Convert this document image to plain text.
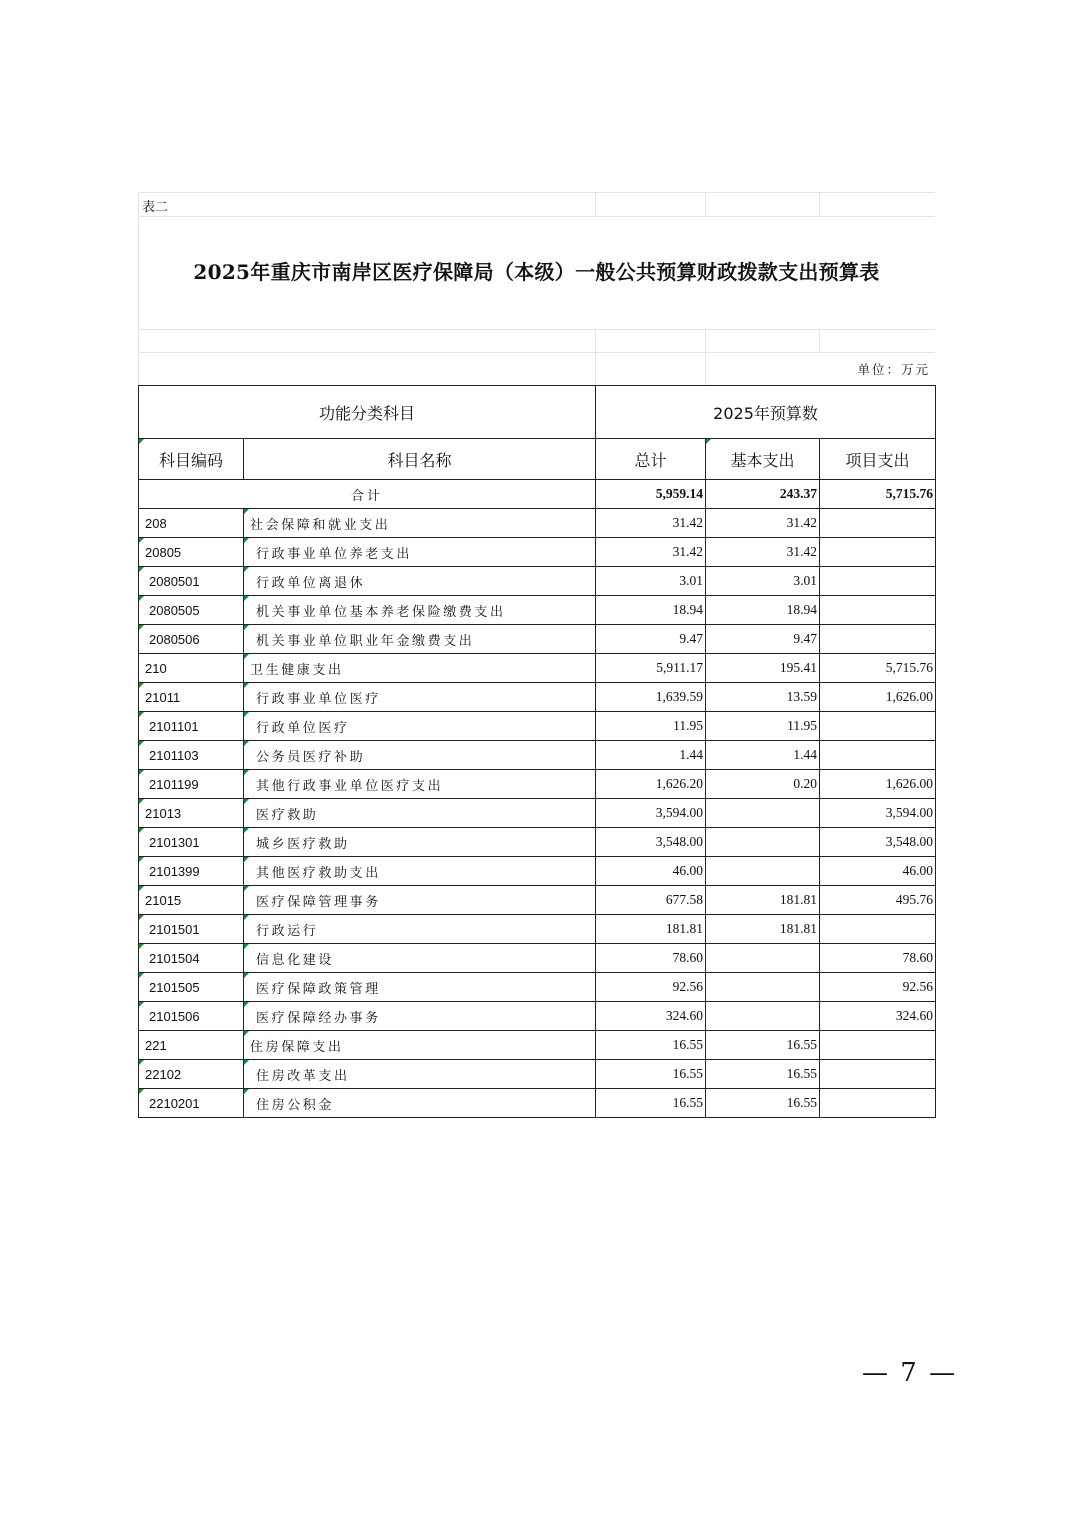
表二
2025年重庆市南岸区医疗保障局（本级）一般公共预算财政拨款支出预算表
单位：万元
功能分类科目		2025年预算数		
科目编码	科目名称	总计	基本支出	项目支出
合计		5,959.14	243.37	5,715.76
208	社会保障和就业支出	31.42	31.42	
20805	行政事业单位养老支出	31.42	31.42	
2080501	行政单位离退休	3.01	3.01	
2080505	机关事业单位基本养老保险缴费支出	18.94	18.94	
2080506	机关事业单位职业年金缴费支出	9.47	9.47	
210	卫生健康支出	5,911.17	195.41	5,715.76
21011	行政事业单位医疗	1,639.59	13.59	1,626.00
2101101	行政单位医疗	11.95	11.95	
2101103	公务员医疗补助	1.44	1.44	
2101199	其他行政事业单位医疗支出	1,626.20	0.20	1,626.00
21013	医疗救助	3,594.00		3,594.00
2101301	城乡医疗救助	3,548.00		3,548.00
2101399	其他医疗救助支出	46.00		46.00
21015	医疗保障管理事务	677.58	181.81	495.76
2101501	行政运行	181.81	181.81	
2101504	信息化建设	78.60		78.60
2101505	医疗保障政策管理	92.56		92.56
2101506	医疗保障经办事务	324.60		324.60
221	住房保障支出	16.55	16.55	
22102	住房改革支出	16.55	16.55	
2210201	住房公积金	16.55	16.55	
— 7 —
